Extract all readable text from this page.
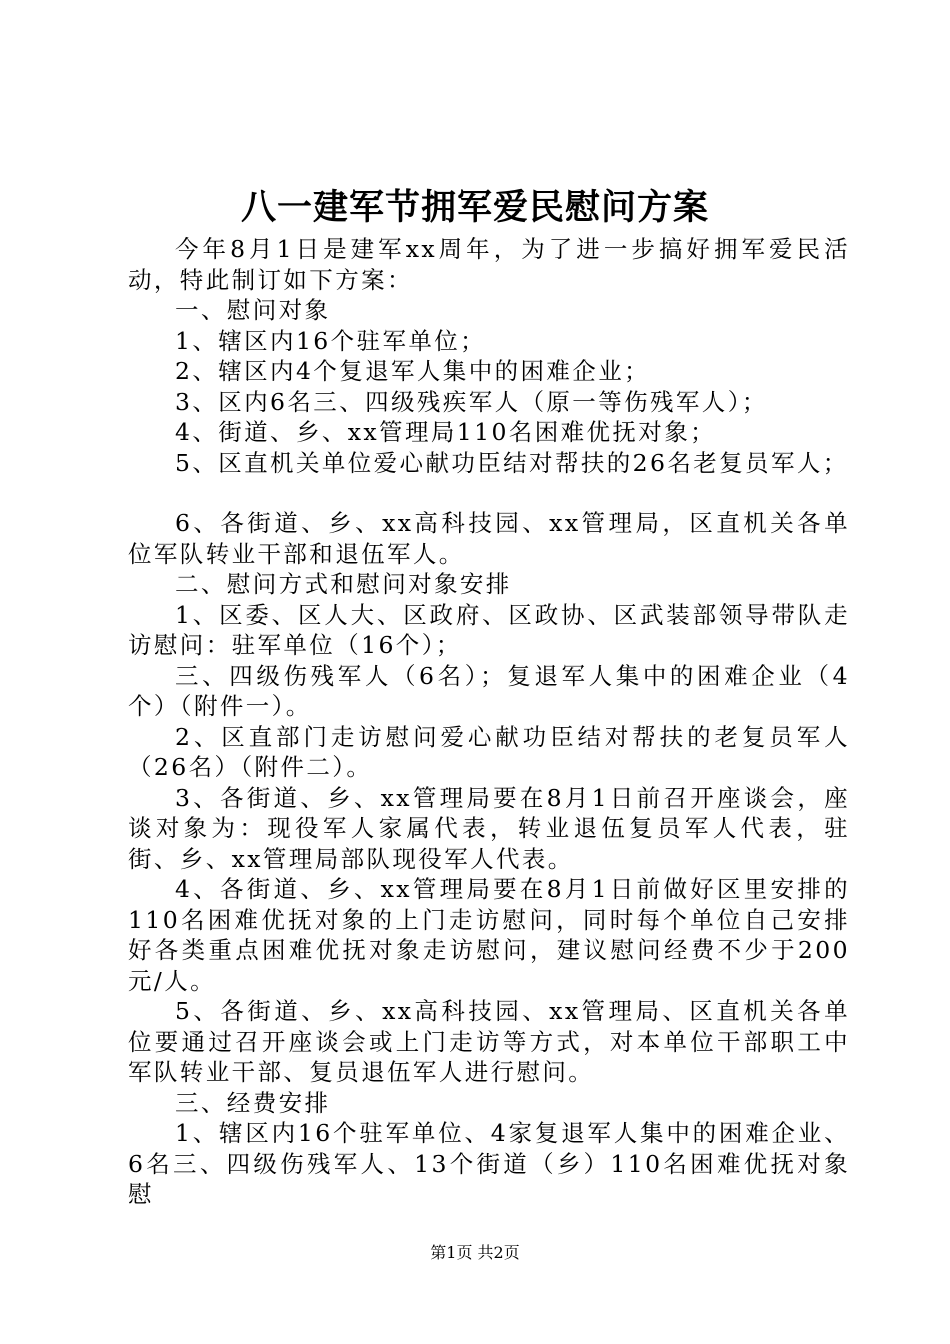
八一建军节拥军爱民慰问方案

今年8月1日是建军xx周年，为了进一步搞好拥军爱民活动，特此制订如下方案：

一、慰问对象

1、辖区内16个驻军单位；

2、辖区内4个复退军人集中的困难企业；

3、区内6名三、四级残疾军人（原一等伤残军人）；

4、街道、乡、xx管理局110名困难优抚对象；

5、区直机关单位爱心献功臣结对帮扶的26名老复员军人；

6、各街道、乡、xx高科技园、xx管理局，区直机关各单位军队转业干部和退伍军人。

二、慰问方式和慰问对象安排

1、区委、区人大、区政府、区政协、区武装部领导带队走访慰问：驻军单位（16个）；

三、四级伤残军人（6名）；复退军人集中的困难企业（4个）（附件一）。

2、区直部门走访慰问爱心献功臣结对帮扶的老复员军人（26名）（附件二）。

3、各街道、乡、xx管理局要在8月1日前召开座谈会，座谈对象为：现役军人家属代表，转业退伍复员军人代表，驻街、乡、xx管理局部队现役军人代表。

4、各街道、乡、xx管理局要在8月1日前做好区里安排的110名困难优抚对象的上门走访慰问，同时每个单位自己安排好各类重点困难优抚对象走访慰问，建议慰问经费不少于200元/人。

5、各街道、乡、xx高科技园、xx管理局、区直机关各单位要通过召开座谈会或上门走访等方式，对本单位干部职工中军队转业干部、复员退伍军人进行慰问。

三、经费安排

1、辖区内16个驻军单位、4家复退军人集中的困难企业、6名三、四级伤残军人、13个街道（乡）110名困难优抚对象慰

第1页 共2页
